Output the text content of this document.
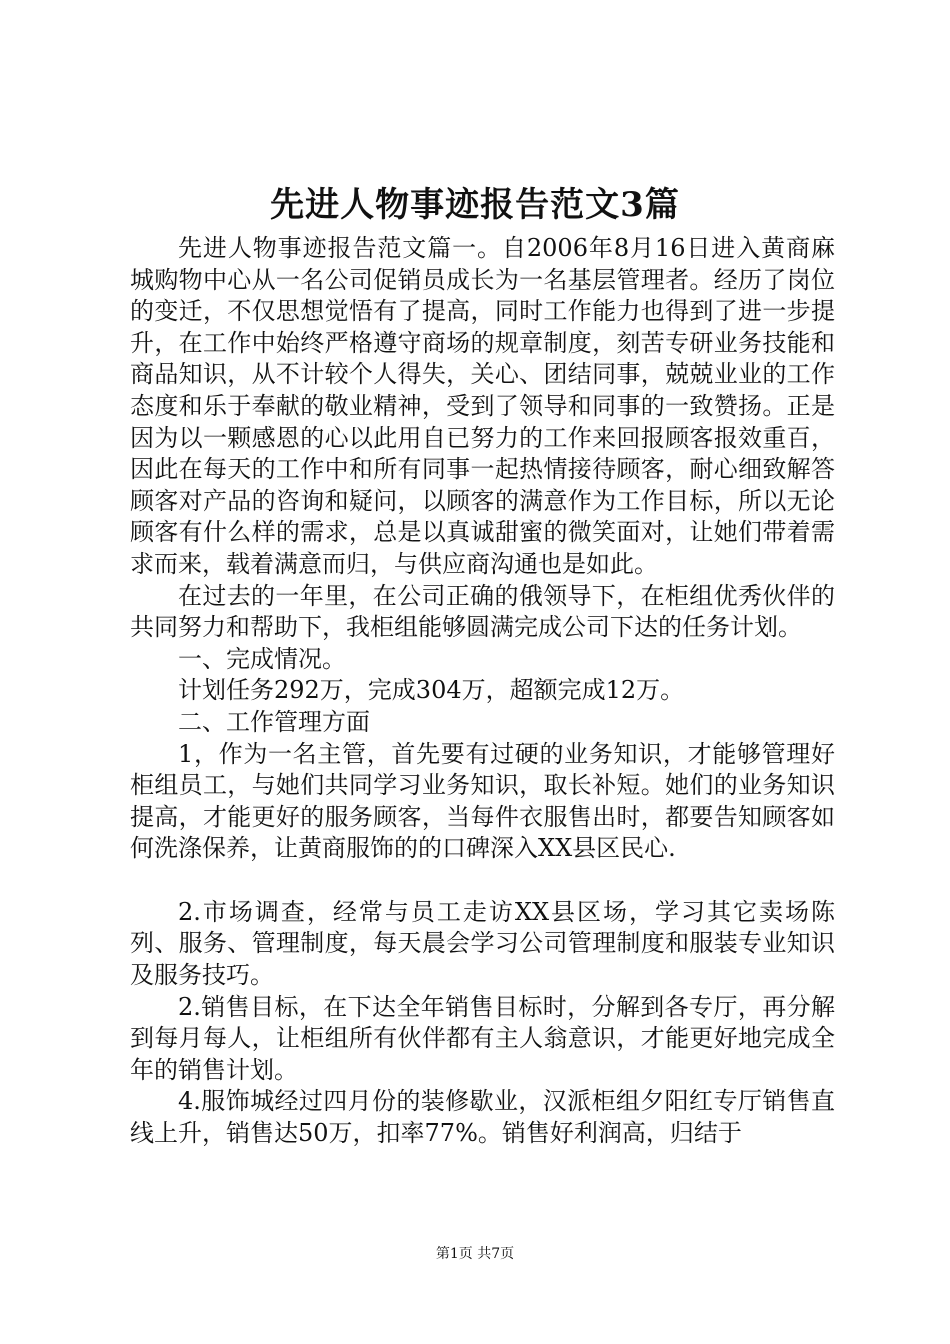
先进人物事迹报告范文3篇

先进人物事迹报告范文篇一。自2006年8月16日进入黄商麻城购物中心从一名公司促销员成长为一名基层管理者。经历了岗位的变迁，不仅思想觉悟有了提高，同时工作能力也得到了进一步提升，在工作中始终严格遵守商场的规章制度，刻苦专研业务技能和商品知识，从不计较个人得失，关心、团结同事，兢兢业业的工作态度和乐于奉献的敬业精神，受到了领导和同事的一致赞扬。正是因为以一颗感恩的心以此用自已努力的工作来回报顾客报效重百，因此在每天的工作中和所有同事一起热情接待顾客，耐心细致解答顾客对产品的咨询和疑问，以顾客的满意作为工作目标，所以无论顾客有什么样的需求，总是以真诚甜蜜的微笑面对，让她们带着需求而来，载着满意而归，与供应商沟通也是如此。

在过去的一年里，在公司正确的俄领导下，在柜组优秀伙伴的共同努力和帮助下，我柜组能够圆满完成公司下达的任务计划。

一、完成情况。

计划任务292万，完成304万，超额完成12万。

二、工作管理方面

1，作为一名主管，首先要有过硬的业务知识，才能够管理好柜组员工，与她们共同学习业务知识，取长补短。她们的业务知识提高，才能更好的服务顾客，当每件衣服售出时，都要告知顾客如何洗涤保养，让黄商服饰的的口碑深入XX县区民心.

2.市场调查，经常与员工走访XX县区场，学习其它卖场陈列、服务、管理制度，每天晨会学习公司管理制度和服装专业知识及服务技巧。

2.销售目标，在下达全年销售目标时，分解到各专厅，再分解到每月每人，让柜组所有伙伴都有主人翁意识，才能更好地完成全年的销售计划。

4.服饰城经过四月份的装修歇业，汉派柜组夕阳红专厅销售直线上升，销售达50万，扣率77%。销售好利润高，归结于

第1页 共7页
